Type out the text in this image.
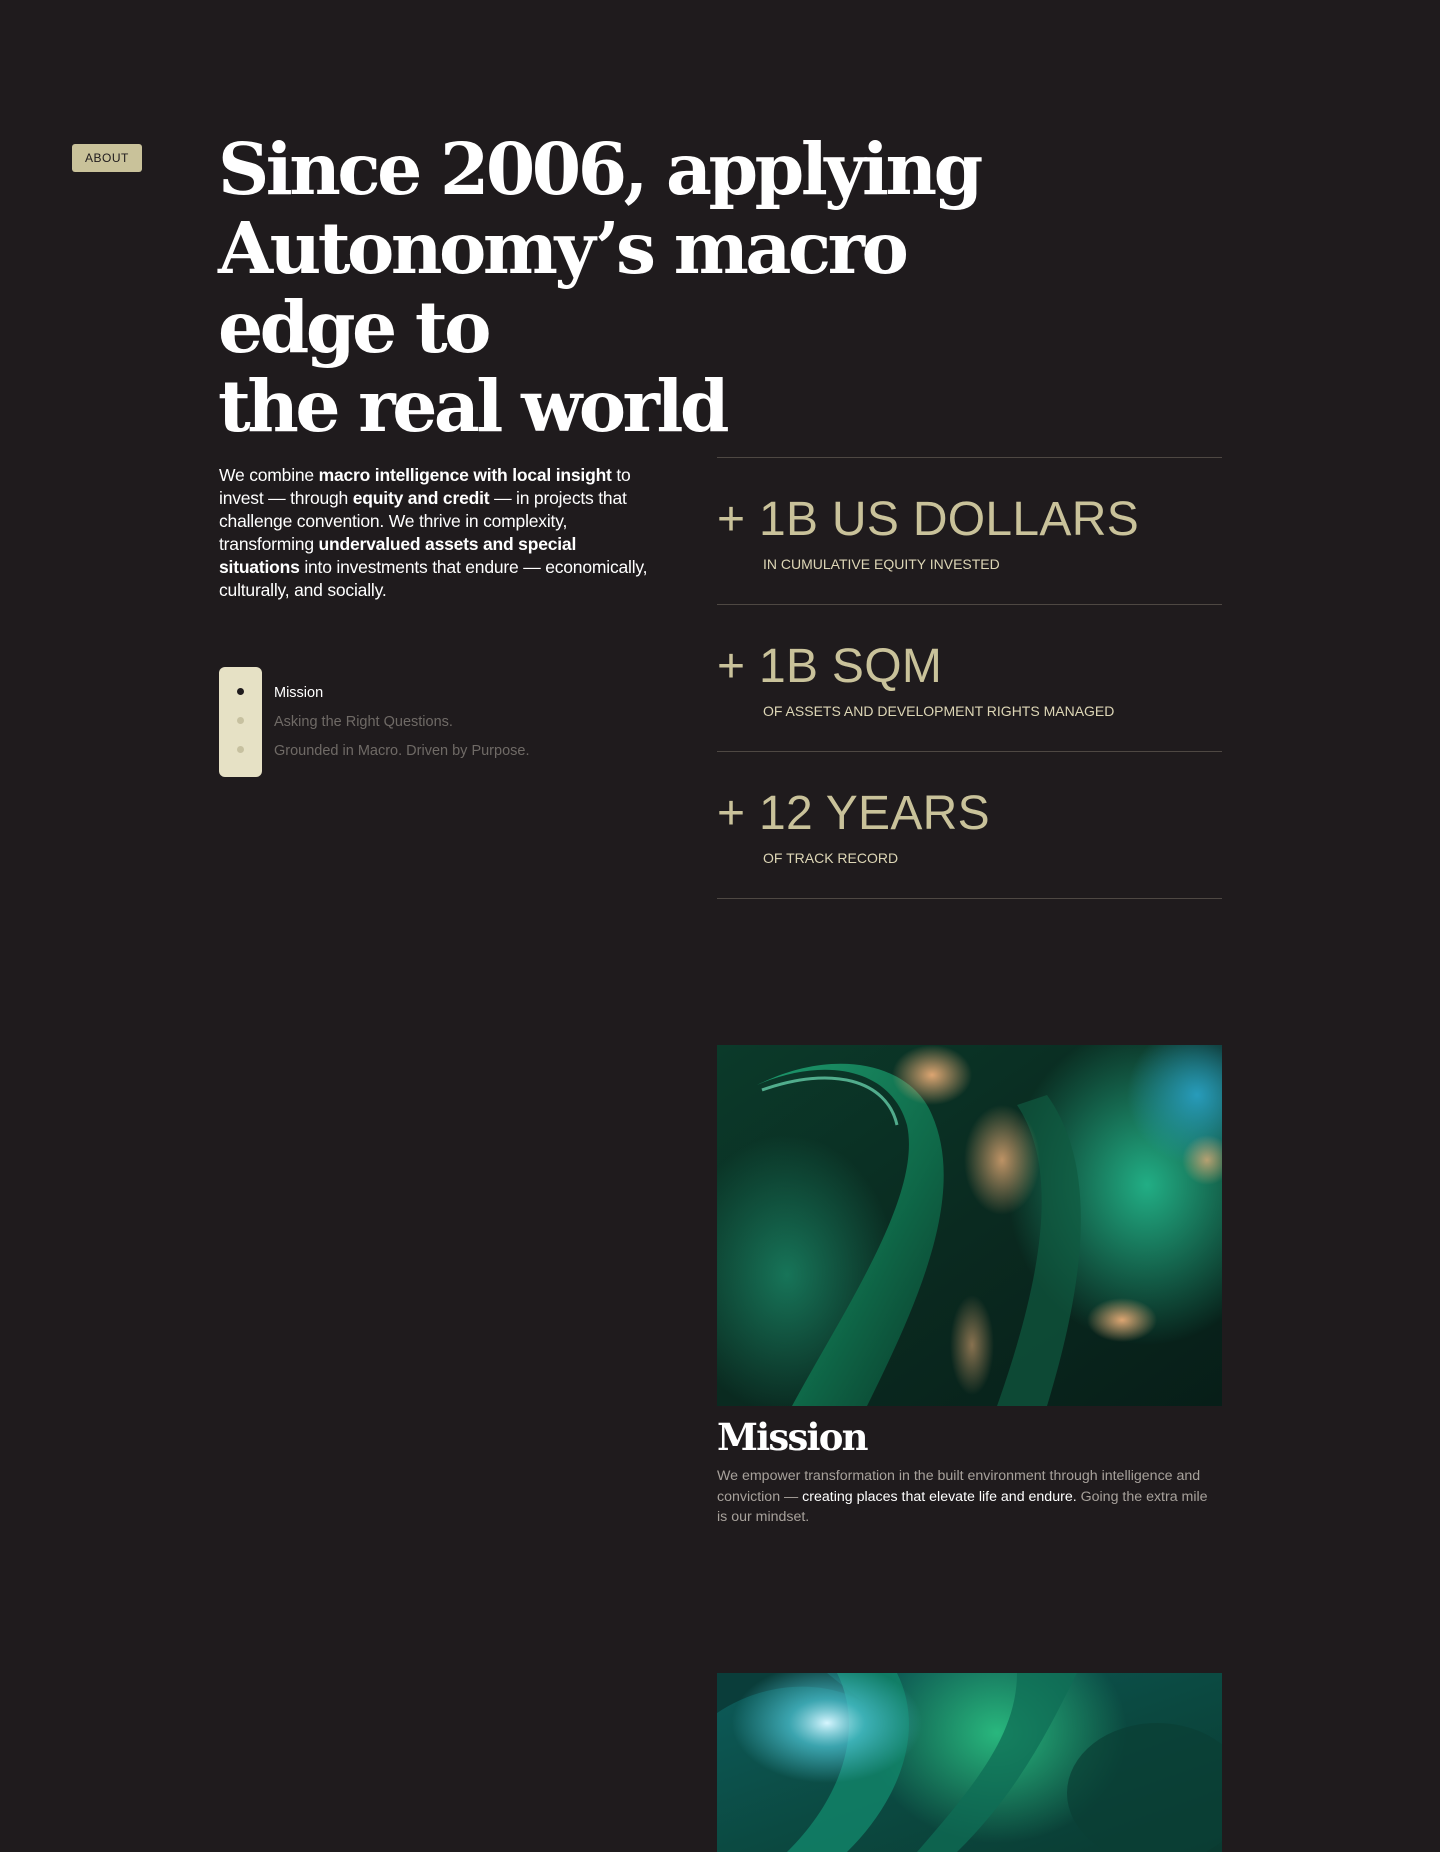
ABOUT Since 2006, applying
Autonomy’s macro edge to
the real world

We combine macro intelligence with local insight to invest — through equity and credit — in projects that challenge convention. We thrive in complexity, transforming undervalued assets and special situations into investments that endure — economically, culturally, and socially.

Mission
Asking the Right Questions.
Grounded in Macro. Driven by Purpose.
+ 1B US DOLLARS
IN CUMULATIVE EQUITY INVESTED
+ 1B SQM
OF ASSETS AND DEVELOPMENT RIGHTS MANAGED
+ 12 YEARS
OF TRACK RECORD
Mission

We empower transformation in the built environment through intelligence and conviction — creating places that elevate life and endure. Going the extra mile is our mindset.
